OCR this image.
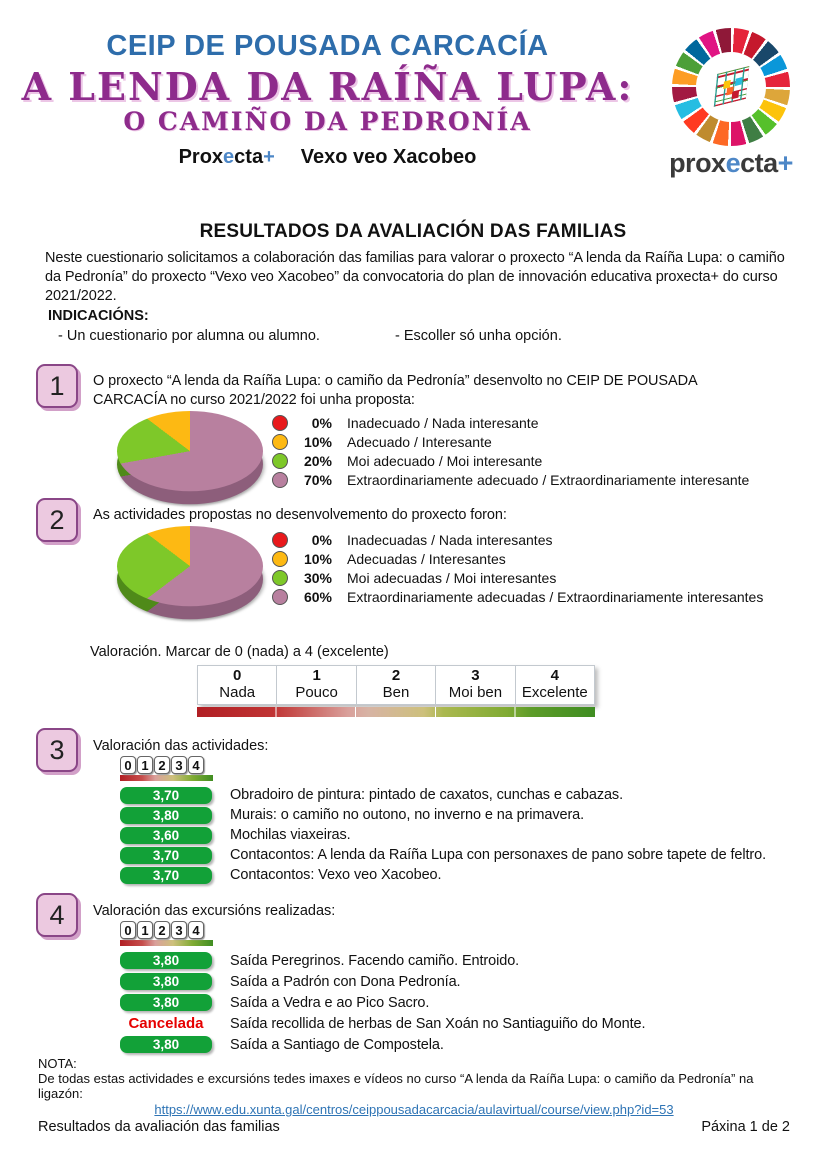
CEIP DE POUSADA CARCACÍA
A LENDA DA RAÍÑA LUPA:
O CAMIÑO DA PEDRONÍA
Proxecta+ Vexo veo Xacobeo	proxecta+
RESULTADOS DA AVALIACIÓN DAS FAMILIAS
Neste cuestionario solicitamos a colaboración das familias para valorar o proxecto “A lenda da Raíña Lupa: o camiño da Pedronía” do proxecto “Vexo veo Xacobeo” da convocatoria do plan de innovación educativa proxecta+ do curso 2021/2022.
INDICACIÓNS:
- Un cuestionario por alumna ou alumno.	- Escoller só unha opción.
1	O proxecto “A lenda da Raíña Lupa: o camiño da Pedronía” desenvolto no CEIP DE POUSADA CARCACÍA no curso 2021/2022 foi unha proposta:
0% Inadecuado / Nada interesante
10% Adecuado / Interesante
20% Moi adecuado / Moi interesante
70% Extraordinariamente adecuado / Extraordinariamente interesante
2	As actividades propostas no desenvolvemento do proxecto foron:
0% Inadecuadas / Nada interesantes
10% Adecuadas / Interesantes
30% Moi adecuadas / Moi interesantes
60% Extraordinariamente adecuadas / Extraordinariamente interesantes
Valoración. Marcar de 0 (nada) a 4 (excelente)
0
Nada
1
Pouco
2
Ben
3
Moi ben
4
Excelente
3	Valoración das actividades:
0 1 2 3 4
3,70	Obradoiro de pintura: pintado de caxatos, cunchas e cabazas.
3,80	Murais: o camiño no outono, no inverno e na primavera.
3,60	Mochilas viaxeiras.
3,70	Contacontos: A lenda da Raíña Lupa con personaxes de pano sobre tapete de feltro.
3,70	Contacontos: Vexo veo Xacobeo.
4	Valoración das excursións realizadas:
0 1 2 3 4
3,80	Saída Peregrinos. Facendo camiño. Entroido.
3,80	Saída a Padrón con Dona Pedronía.
3,80	Saída a Vedra e ao Pico Sacro.
Cancelada	Saída recollida de herbas de San Xoán no Santiaguiño do Monte.
3,80	Saída a Santiago de Compostela.
NOTA:
De todas estas actividades e excursións tedes imaxes e vídeos no curso “A lenda da Raíña Lupa: o camiño da Pedronía” na ligazón:
https://www.edu.xunta.gal/centros/ceippousadacarcacia/aulavirtual/course/view.php?id=53
Resultados da avaliación das familias	Páxina 1 de 2
